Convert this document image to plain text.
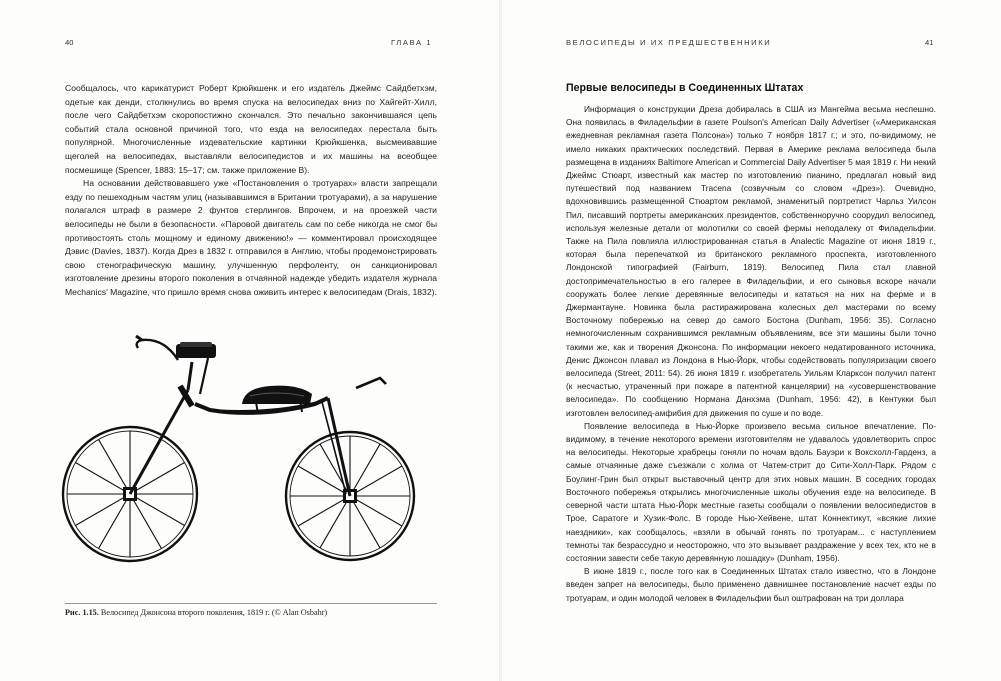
40	ГЛАВА 1

Сообщалось, что карикатурист Роберт Крюйкшенк и его издатель Джеймс Сайдбетхэм, одетые как денди, столкнулись во время спуска на велосипедах вниз по Хайгейт-Хилл, после чего Сайдбетхэм скоропостижно скончался. Это печально закончившаяся цепь событий стала основной причиной того, что езда на велосипедах перестала быть популярной. Многочисленные издевательские картинки Крюйкшенка, высмеивавшие щеголей на велосипедах, выставляли велосипедистов и их машины на всеобщее посмешище (Spencer, 1883: 15–17; см. также приложение B).

На основании действовавшего уже «Постановления о тротуарах» власти запрещали езду по пешеходным частям улиц (называвшимся в Британии тротуарами), а за нарушение полагался штраф в размере 2 фунтов стерлингов. Впрочем, и на проезжей части велосипеды не были в безопасности. «Паровой двигатель сам по себе никогда не смог бы противостоять столь мощному и единому движению!» — комментировал происходящее Дэвис (Davies, 1837). Когда Дрез в 1832 г. отправился в Англию, чтобы продемонстрировать свою стенографическую машину, улучшенную перфоленту, он санкционировал изготовление дрезины второго поколения в отчаянной надежде убедить издателя журнала Mechanics' Magazine, что пришло время снова оживить интерес к велосипедам (Drais, 1832).

Рис. 1.15. Велосипед Джонсона второго поколения, 1819 г. (© Alan Osbahr)
ВЕЛОСИПЕДЫ И ИХ ПРЕДШЕСТВЕННИКИ	41
Первые велосипеды в Соединенных Штатах

Информация о конструкции Дреза добиралась в США из Мангейма весьма неспешно. Она появилась в Филадельфии в газете Poulson's American Daily Advertiser («Американская ежедневная рекламная газета Полсона») только 7 ноября 1817 г.; и это, по-видимому, не имело никаких практических последствий. Первая в Америке реклама велосипеда была размещена в изданиях Baltimore American и Commercial Daily Advertiser 5 мая 1819 г. Ни некий Джеймс Стюарт, известный как мастер по изготовлению пианино, предлагал новый вид путешествий под названием Tracena (созвучным со словом «Дрез»). Очевидно, вдохновившись размещенной Стюартом рекламой, знаменитый портретист Чарльз Уилсон Пил, писавший портреты американских президентов, собственноручно соорудил велосипед, используя железные детали от молотилки со своей фермы неподалеку от Филадельфии. Также на Пила повлияла иллюстрированная статья в Analectic Magazine от июня 1819 г., которая была перепечаткой из британского рекламного проспекта, изготовленного Лондонской типографией (Fairburn, 1819). Велосипед Пила стал главной достопримечательностью в его галерее в Филадельфии, и его сыновья вскоре начали сооружать более легкие деревянные велосипеды и кататься на них на ферме и в Джермантауне. Новинка была растиражирована колесных дел мастерами по всему Восточному побережью на север до самого Бостона (Dunham, 1956: 35). Согласно немногочисленным сохранившимся рекламным объявлениям, все эти машины были точно такими же, как и творения Джонсона. По информации некоего недатированного источника, Денис Джонсон плавал из Лондона в Нью-Йорк, чтобы содействовать популяризации своего велосипеда (Street, 2011: 54). 26 июня 1819 г. изобретатель Уильям Кларксон получил патент (к несчастью, утраченный при пожаре в патентной канцелярии) на «усовершенствование велосипеда». По сообщению Нормана Данхэма (Dunham, 1956: 42), в Кентукки был изготовлен велосипед-амфибия для движения по суше и по воде.

Появление велосипеда в Нью-Йорке произвело весьма сильное впечатление. По-видимому, в течение некоторого времени изготовителям не удавалось удовлетворить спрос на велосипеды. Некоторые храбрецы гоняли по ночам вдоль Бауэри к Воксхолл-Гарденз, а самые отчаянные даже съезжали с холма от Чатем-стрит до Сити-Холл-Парк. Рядом с Боулинг-Грин был открыт выставочный центр для этих новых машин. В соседних городах Восточного побережья открылись многочисленные школы обучения езде на велосипеде. В северной части штата Нью-Йорк местные газеты сообщали о появлении велосипедистов в Трое, Саратоге и Хузик-Фолс. В городе Нью-Хейвене, штат Коннектикут, «всякие лихие наездники», как сообщалось, «взяли в обычай гонять по тротуарам... с наступлением темноты так безрассудно и неосторожно, что это вызывает раздражение у всех тех, кто не в состоянии завести себе такую деревянную лошадку» (Dunham, 1956).

В июне 1819 г., после того как в Соединенных Штатах стало известно, что в Лондоне введен запрет на велосипеды, было применено давнишнее постановление насчет езды по тротуарам, и один молодой человек в Филадельфии был оштрафован на три доллара
